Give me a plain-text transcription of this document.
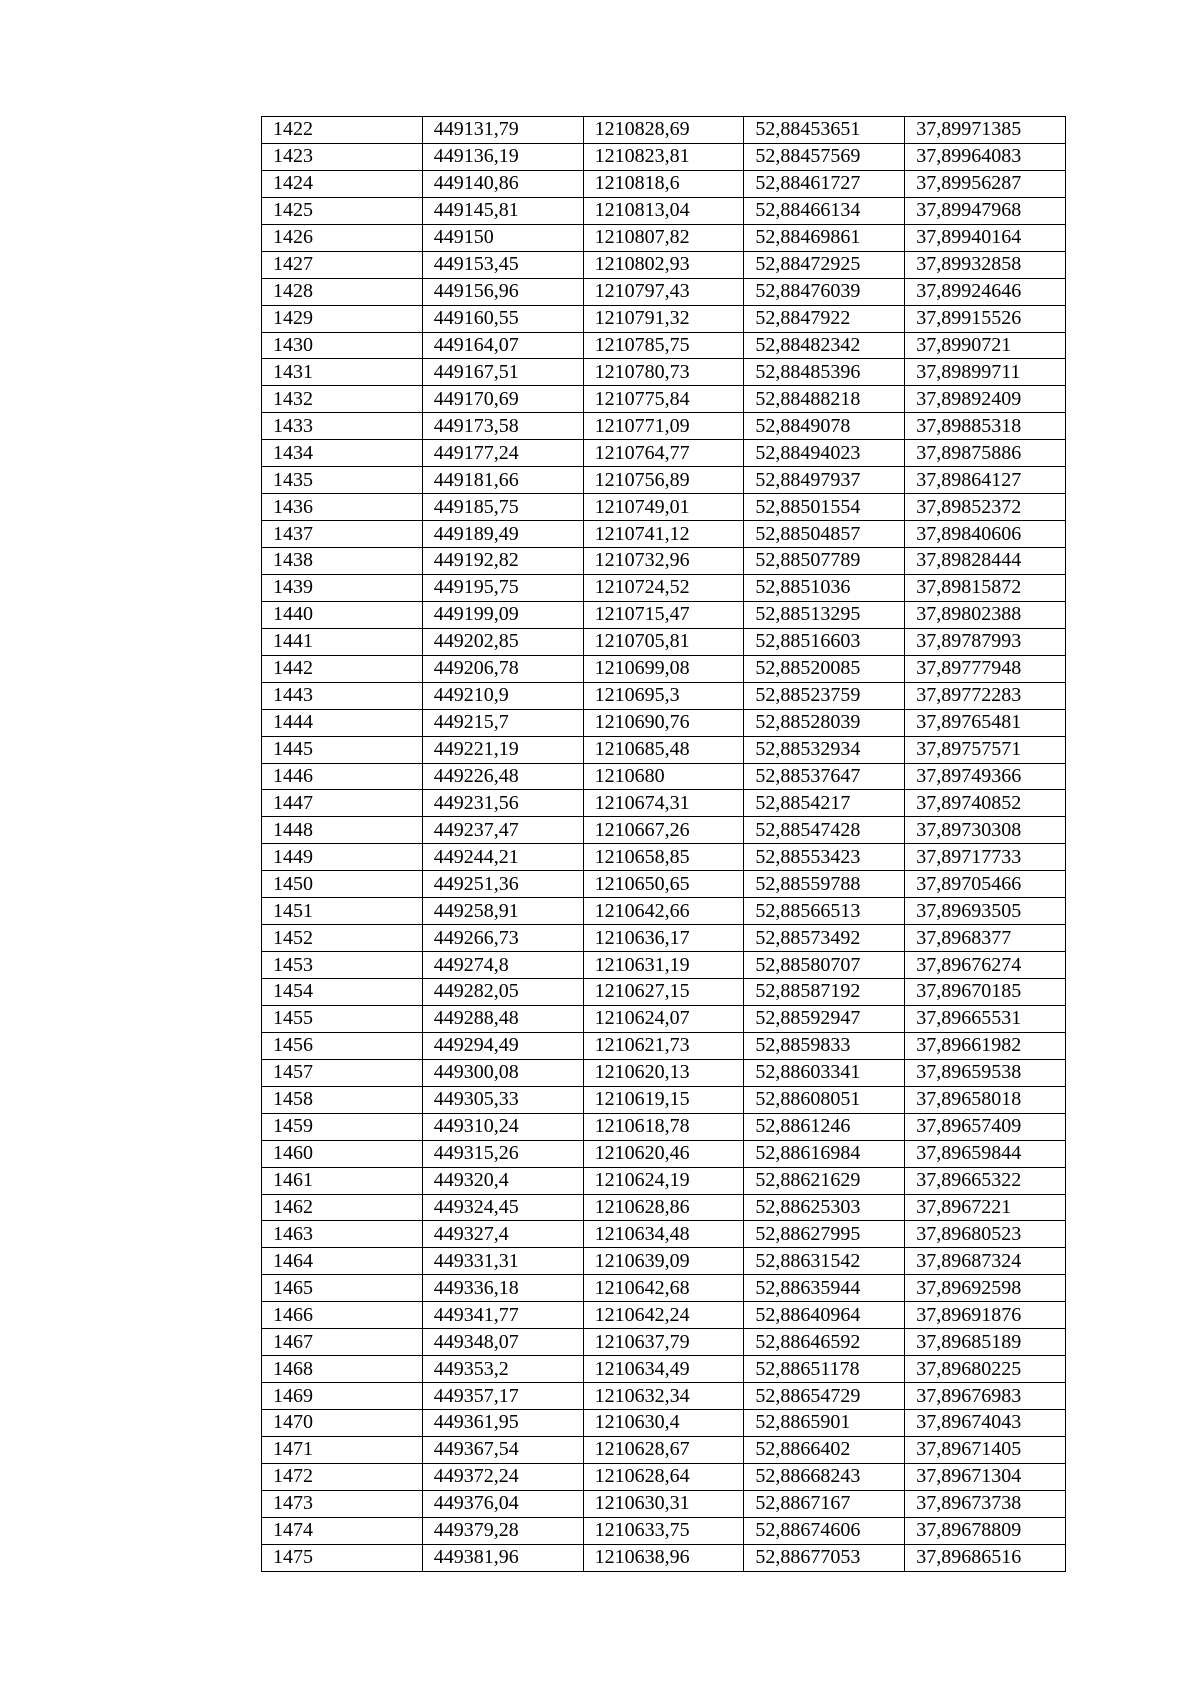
1422	449131,79	1210828,69	52,88453651	37,89971385
1423	449136,19	1210823,81	52,88457569	37,89964083
1424	449140,86	1210818,6	52,88461727	37,89956287
1425	449145,81	1210813,04	52,88466134	37,89947968
1426	449150	1210807,82	52,88469861	37,89940164
1427	449153,45	1210802,93	52,88472925	37,89932858
1428	449156,96	1210797,43	52,88476039	37,89924646
1429	449160,55	1210791,32	52,8847922	37,89915526
1430	449164,07	1210785,75	52,88482342	37,8990721
1431	449167,51	1210780,73	52,88485396	37,89899711
1432	449170,69	1210775,84	52,88488218	37,89892409
1433	449173,58	1210771,09	52,8849078	37,89885318
1434	449177,24	1210764,77	52,88494023	37,89875886
1435	449181,66	1210756,89	52,88497937	37,89864127
1436	449185,75	1210749,01	52,88501554	37,89852372
1437	449189,49	1210741,12	52,88504857	37,89840606
1438	449192,82	1210732,96	52,88507789	37,89828444
1439	449195,75	1210724,52	52,8851036	37,89815872
1440	449199,09	1210715,47	52,88513295	37,89802388
1441	449202,85	1210705,81	52,88516603	37,89787993
1442	449206,78	1210699,08	52,88520085	37,89777948
1443	449210,9	1210695,3	52,88523759	37,89772283
1444	449215,7	1210690,76	52,88528039	37,89765481
1445	449221,19	1210685,48	52,88532934	37,89757571
1446	449226,48	1210680	52,88537647	37,89749366
1447	449231,56	1210674,31	52,8854217	37,89740852
1448	449237,47	1210667,26	52,88547428	37,89730308
1449	449244,21	1210658,85	52,88553423	37,89717733
1450	449251,36	1210650,65	52,88559788	37,89705466
1451	449258,91	1210642,66	52,88566513	37,89693505
1452	449266,73	1210636,17	52,88573492	37,8968377
1453	449274,8	1210631,19	52,88580707	37,89676274
1454	449282,05	1210627,15	52,88587192	37,89670185
1455	449288,48	1210624,07	52,88592947	37,89665531
1456	449294,49	1210621,73	52,8859833	37,89661982
1457	449300,08	1210620,13	52,88603341	37,89659538
1458	449305,33	1210619,15	52,88608051	37,89658018
1459	449310,24	1210618,78	52,8861246	37,89657409
1460	449315,26	1210620,46	52,88616984	37,89659844
1461	449320,4	1210624,19	52,88621629	37,89665322
1462	449324,45	1210628,86	52,88625303	37,8967221
1463	449327,4	1210634,48	52,88627995	37,89680523
1464	449331,31	1210639,09	52,88631542	37,89687324
1465	449336,18	1210642,68	52,88635944	37,89692598
1466	449341,77	1210642,24	52,88640964	37,89691876
1467	449348,07	1210637,79	52,88646592	37,89685189
1468	449353,2	1210634,49	52,88651178	37,89680225
1469	449357,17	1210632,34	52,88654729	37,89676983
1470	449361,95	1210630,4	52,8865901	37,89674043
1471	449367,54	1210628,67	52,8866402	37,89671405
1472	449372,24	1210628,64	52,88668243	37,89671304
1473	449376,04	1210630,31	52,8867167	37,89673738
1474	449379,28	1210633,75	52,88674606	37,89678809
1475	449381,96	1210638,96	52,88677053	37,89686516
